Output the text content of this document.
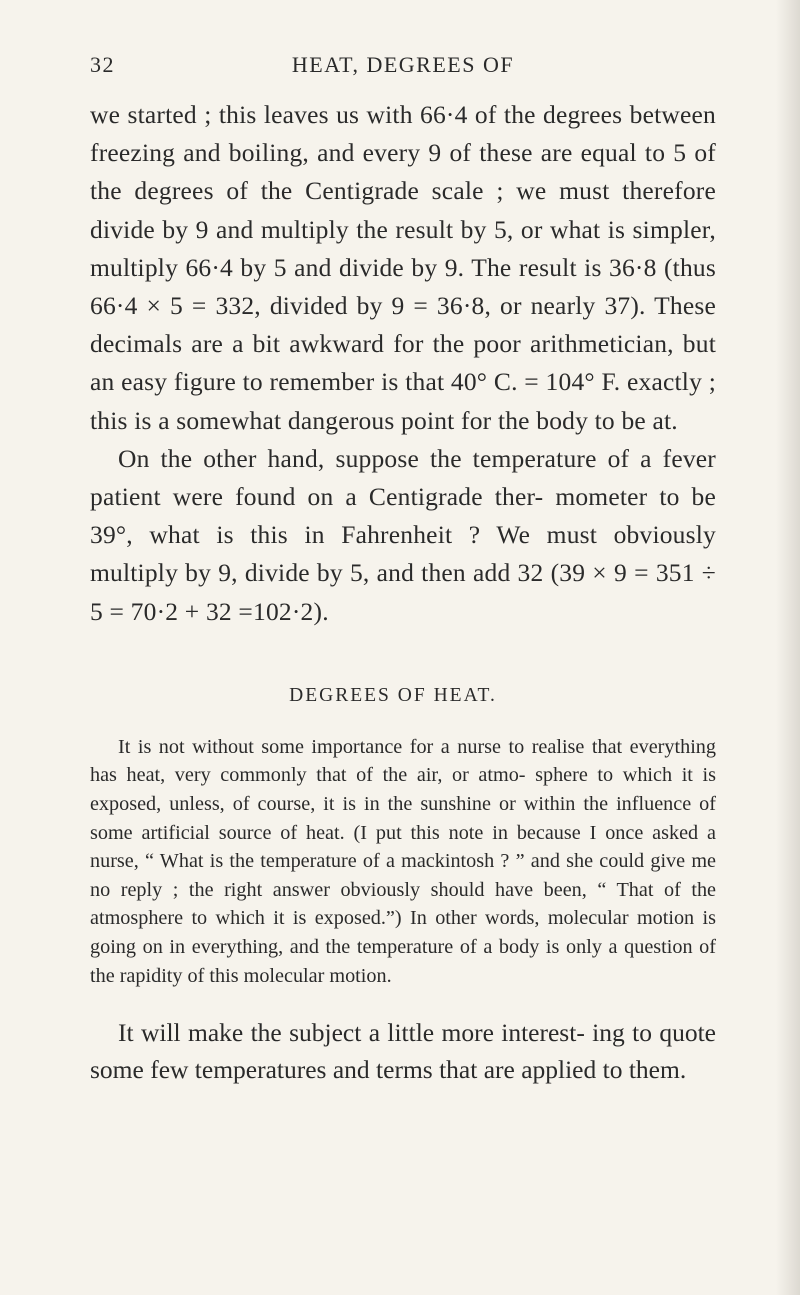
32	HEAT, DEGREES OF

we started ; this leaves us with 66·4 of the degrees between freezing and boiling, and every 9 of these are equal to 5 of the degrees of the Centigrade scale ; we must therefore divide by 9 and multiply the result by 5, or what is simpler, multiply 66·4 by 5 and divide by 9. The result is 36·8 (thus 66·4 × 5 = 332, divided by 9 = 36·8, or nearly 37). These decimals are a bit awkward for the poor arithmetician, but an easy figure to remember is that 40° C. = 104° F. exactly ; this is a somewhat dangerous point for the body to be at.

On the other hand, suppose the temperature of a fever patient were found on a Centigrade ther- mometer to be 39°, what is this in Fahrenheit ? We must obviously multiply by 9, divide by 5, and then add 32 (39 × 9 = 351 ÷ 5 = 70·2 + 32 =102·2).

DEGREES OF HEAT.

It is not without some importance for a nurse to realise that everything has heat, very commonly that of the air, or atmo- sphere to which it is exposed, unless, of course, it is in the sunshine or within the influence of some artificial source of heat. (I put this note in because I once asked a nurse, “ What is the temperature of a mackintosh ? ” and she could give me no reply ; the right answer obviously should have been, “ That of the atmosphere to which it is exposed.”) In other words, molecular motion is going on in everything, and the temperature of a body is only a question of the rapidity of this molecular motion.

It will make the subject a little more interest- ing to quote some few temperatures and terms that are applied to them.
